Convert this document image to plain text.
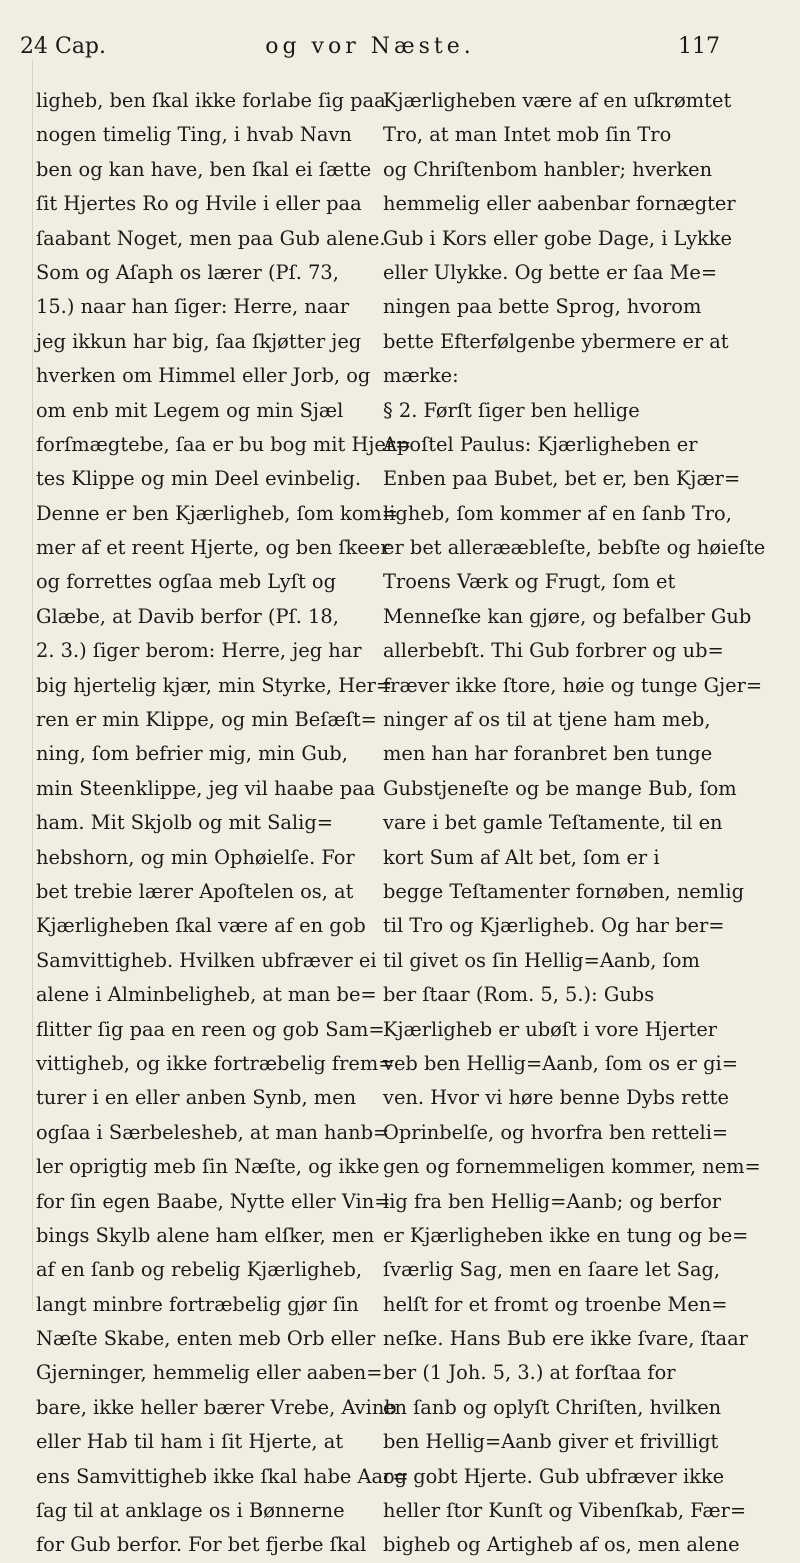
24 Cap.	og vor Næste.	117
ligheb, ben ſkal ikke forlabe ſig paa
nogen timelig Ting, i hvab Navn
ben og kan have, ben ſkal ei ſætte
ſit Hjertes Ro og Hvile i eller paa
ſaabant Noget, men paa Gub alene.
Som og Aſaph os lærer (Pſ. 73,
15.) naar han ſiger: Herre, naar
jeg ikkun har big, ſaa ſkjøtter jeg
hverken om Himmel eller Jorb, og
om enb mit Legem og min Sjæl
forſmægtebe, ſaa er bu bog mit Hjer=
tes Klippe og min Deel evinbelig.
Denne er ben Kjærligheb, ſom kom=
mer af et reent Hjerte, og ben ſkeer
og forrettes ogſaa meb Lyſt og
Glæbe, at Davib berfor (Pſ. 18,
2. 3.) ſiger berom: Herre, jeg har
big hjertelig kjær, min Styrke, Her=
ren er min Klippe, og min Beſæſt=
ning, ſom befrier mig, min Gub,
min Steenklippe, jeg vil haabe paa
ham. Mit Skjolb og mit Salig=
hebshorn, og min Ophøielſe. For
bet trebie lærer Apoſtelen os, at
Kjærligheben ſkal være af en gob
Samvittigheb. Hvilken ubfræver ei
alene i Alminbeligheb, at man be=
flitter ſig paa en reen og gob Sam=
vittigheb, og ikke fortræbelig frem=
turer i en eller anben Synb, men
ogſaa i Særbelesheb, at man hanb=
ler oprigtig meb ſin Næſte, og ikke
for ſin egen Baabe, Nytte eller Vin=
bings Skylb alene ham elſker, men
af en ſanb og rebelig Kjærligheb,
langt minbre fortræbelig gjør ſin
Næſte Skabe, enten meb Orb eller
Gjerninger, hemmelig eller aaben=
bare, ikke heller bærer Vrebe, Avinb
eller Hab til ham i ſit Hjerte, at
ens Samvittigheb ikke ſkal habe Aar=
ſag til at anklage os i Bønnerne
for Gub berfor. For bet fjerbe ſkal
Kjærligheben være af en uſkrømtet
Tro, at man Intet mob ſin Tro
og Chriſtenbom hanbler; hverken
hemmelig eller aabenbar fornægter
Gub i Kors eller gobe Dage, i Lykke
eller Ulykke. Og bette er ſaa Me=
ningen paa bette Sprog, hvorom
bette Efterfølgenbe ybermere er at
mærke:
§ 2. Førſt ſiger ben hellige
Apoſtel Paulus: Kjærligheben er
Enben paa Bubet, bet er, ben Kjær=
ligheb, ſom kommer af en ſanb Tro,
er bet allerææbleſte, bebſte og høieſte
Troens Værk og Frugt, ſom et
Menneſke kan gjøre, og befalber Gub
allerbebſt. Thi Gub forbrer og ub=
fræver ikke ſtore, høie og tunge Gjer=
ninger af os til at tjene ham meb,
men han har foranbret ben tunge
Gubstjeneſte og be mange Bub, ſom
vare i bet gamle Teſtamente, til en
kort Sum af Alt bet, ſom er i
begge Teſtamenter fornøben, nemlig
til Tro og Kjærligheb. Og har ber=
til givet os ſin Hellig=Aanb, ſom
ber ſtaar (Rom. 5, 5.): Gubs
Kjærligheb er ubøſt i vore Hjerter
veb ben Hellig=Aanb, ſom os er gi=
ven. Hvor vi høre benne Dybs rette
Oprinbelſe, og hvorfra ben retteli=
gen og fornemmeligen kommer, nem=
lig fra ben Hellig=Aanb; og berfor
er Kjærligheben ikke en tung og be=
ſværlig Sag, men en ſaare let Sag,
helſt for et fromt og troenbe Men=
neſke. Hans Bub ere ikke ſvare, ſtaar
ber (1 Joh. 5, 3.) at forſtaa for
en ſanb og oplyſt Chriſten, hvilken
ben Hellig=Aanb giver et frivilligt
og gobt Hjerte. Gub ubfræver ikke
heller ſtor Kunſt og Vibenſkab, Fær=
bigheb og Artigheb af os, men alene
